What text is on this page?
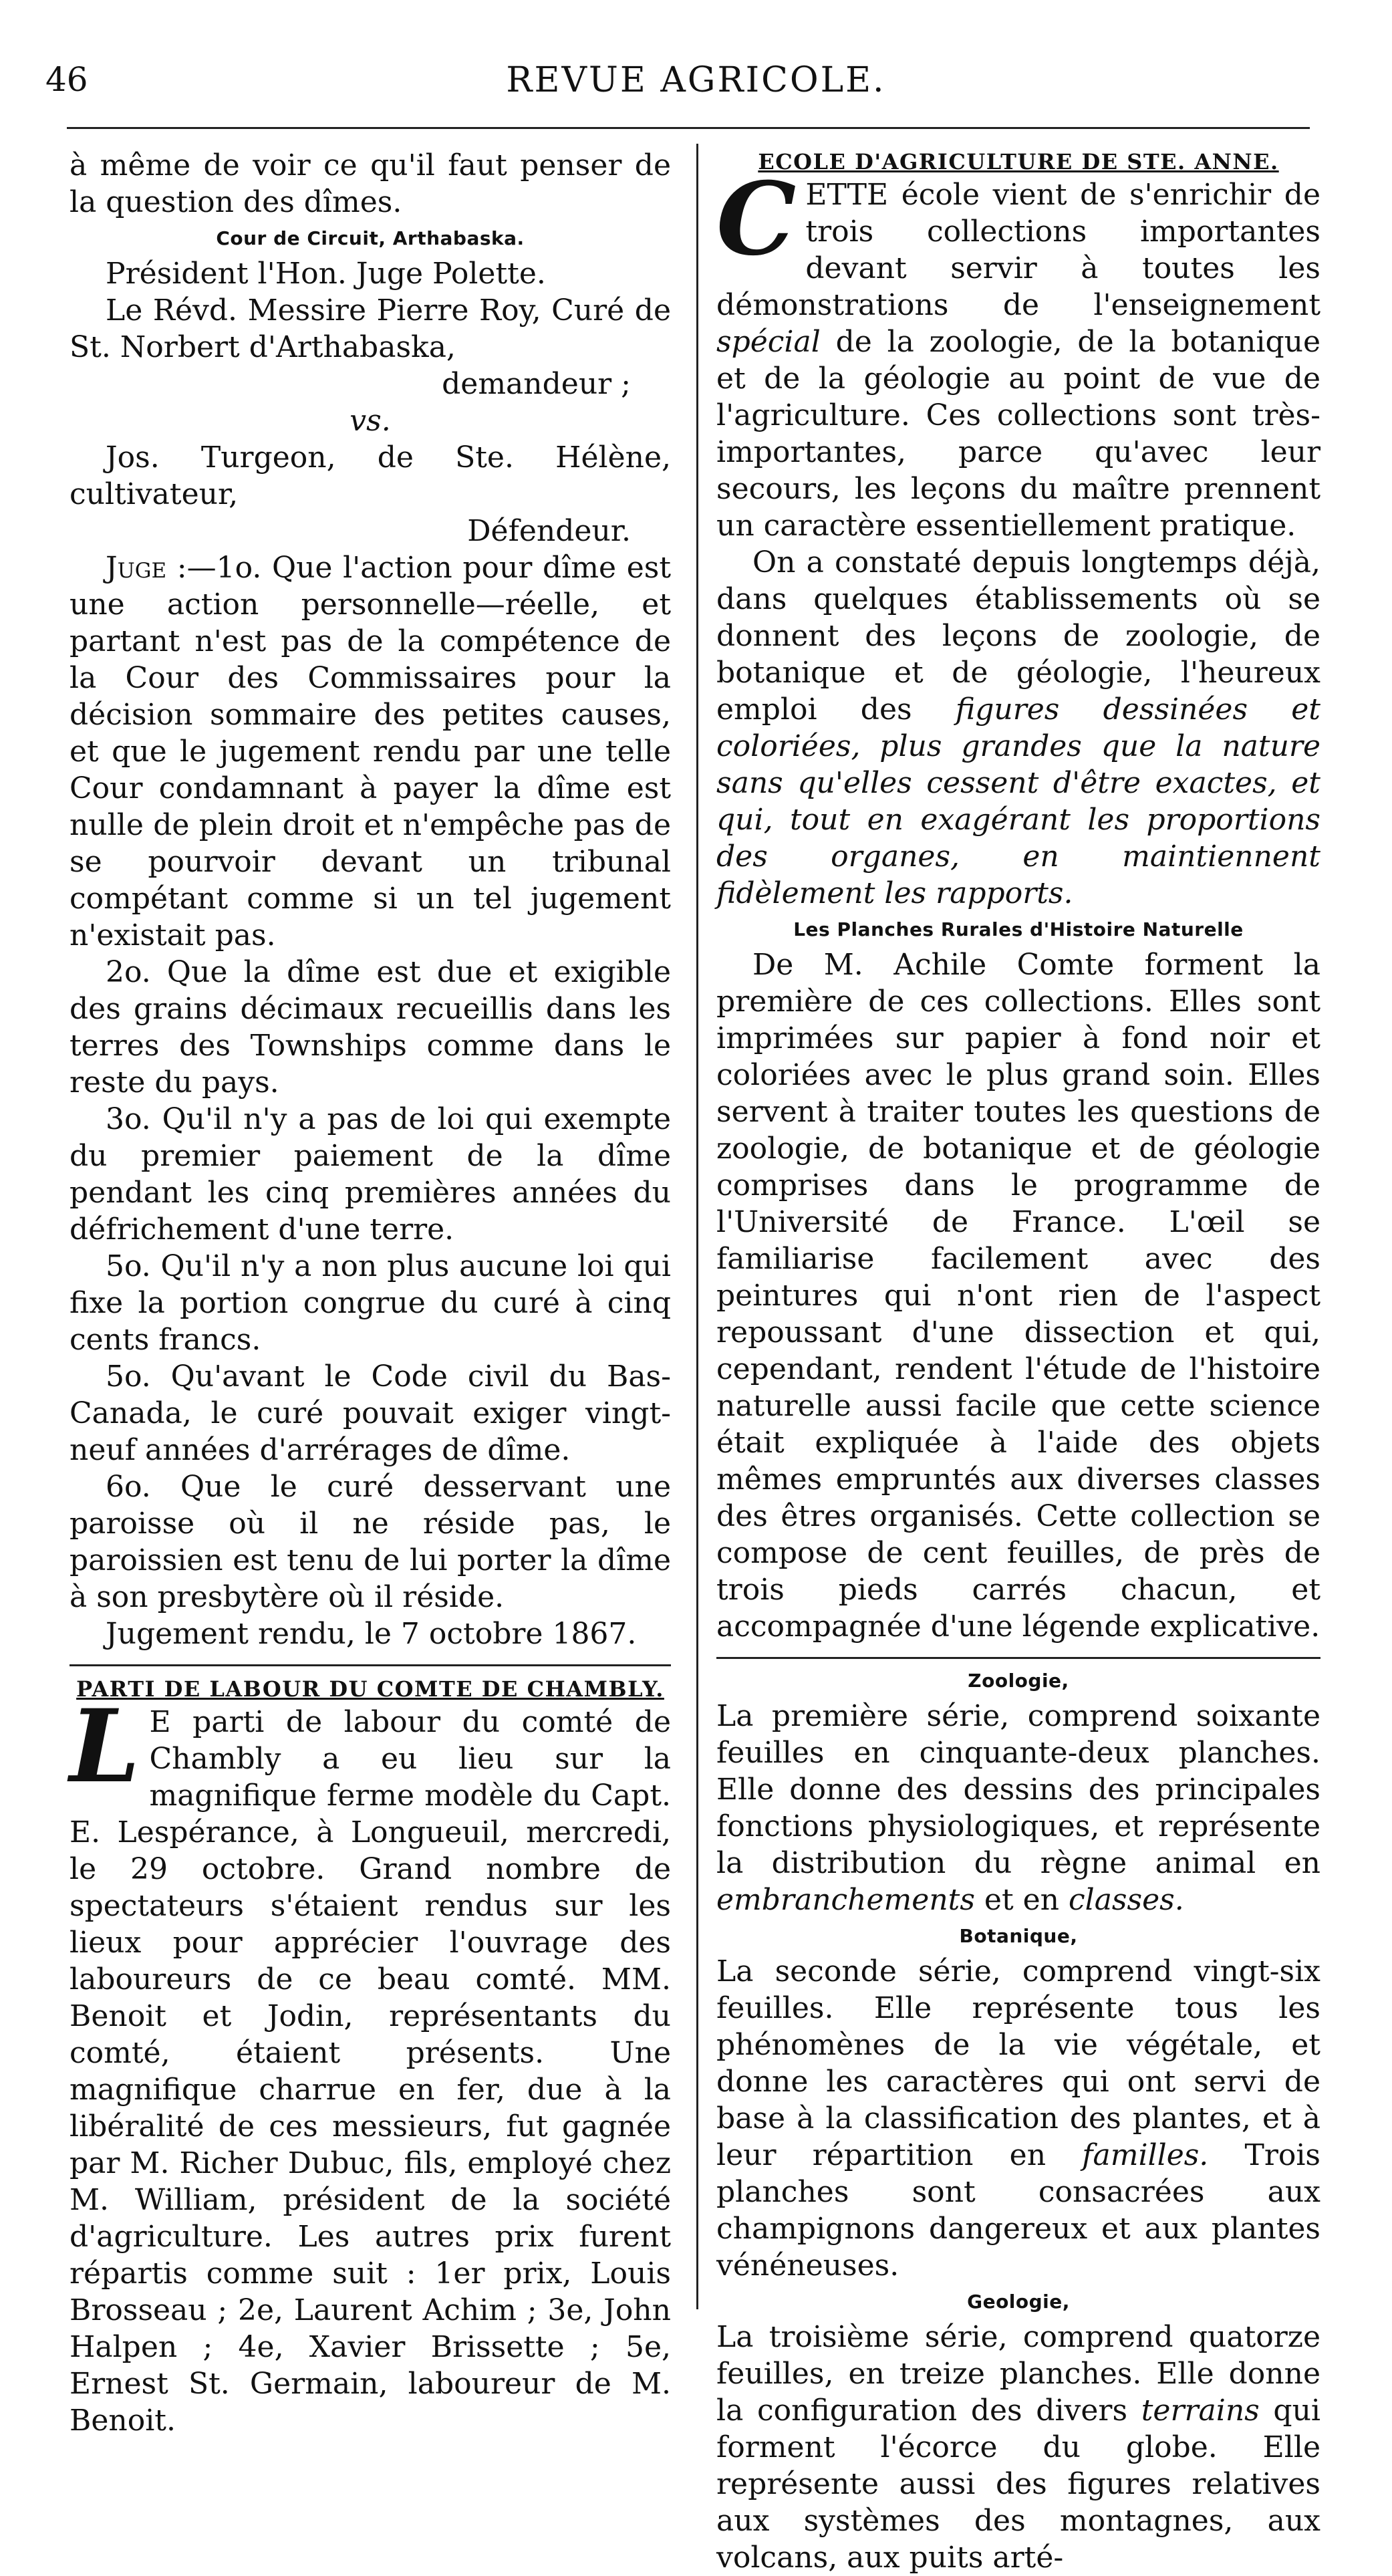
46	REVUE AGRICOLE.

à même de voir ce qu'il faut penser de la question des dîmes.

Cour de Circuit, Arthabaska.

Président l'Hon. Juge Polette.

Le Révd. Messire Pierre Roy, Curé de St. Norbert d'Arthabaska,

demandeur ;

vs.

Jos. Turgeon, de Ste. Hélène, cultivateur,

Défendeur.

Juge :—1o. Que l'action pour dîme est une action personnelle—réelle, et partant n'est pas de la compétence de la Cour des Commissaires pour la décision sommaire des petites causes, et que le jugement rendu par une telle Cour condamnant à payer la dîme est nulle de plein droit et n'empêche pas de se pourvoir devant un tribunal compétant comme si un tel jugement n'existait pas.

2o. Que la dîme est due et exigible des grains décimaux recueillis dans les terres des Townships comme dans le reste du pays.

3o. Qu'il n'y a pas de loi qui exempte du premier paiement de la dîme pendant les cinq premières années du défrichement d'une terre.

5o. Qu'il n'y a non plus aucune loi qui fixe la portion congrue du curé à cinq cents francs.

5o. Qu'avant le Code civil du Bas-Canada, le curé pouvait exiger vingt-neuf années d'arrérages de dîme.

6o. Que le curé desservant une paroisse où il ne réside pas, le paroissien est tenu de lui porter la dîme à son presbytère où il réside.

Jugement rendu, le 7 octobre 1867.

PARTI DE LABOUR DU COMTE DE CHAMBLY.

L E parti de labour du comté de Chambly a eu lieu sur la magnifique ferme modèle du Capt. E. Lespérance, à Longueuil, mercredi, le 29 octobre. Grand nombre de spectateurs s'étaient rendus sur les lieux pour apprécier l'ouvrage des laboureurs de ce beau comté. MM. Benoit et Jodin, représentants du comté, étaient présents. Une magnifique charrue en fer, due à la libéralité de ces messieurs, fut gagnée par M. Richer Dubuc, fils, employé chez M. William, président de la société d'agriculture. Les autres prix furent répartis comme suit : 1er prix, Louis Brosseau ; 2e, Laurent Achim ; 3e, John Halpen ; 4e, Xavier Brissette ; 5e, Ernest St. Germain, laboureur de M. Benoit.

ECOLE D'AGRICULTURE DE STE. ANNE.

CETTE école vient de s'enrichir de trois collections importantes devant servir à toutes les démonstrations de l'enseignement spécial de la zoologie, de la botanique et de la géologie au point de vue de l'agriculture. Ces collections sont très-importantes, parce qu'avec leur secours, les leçons du maître prennent un caractère essentiellement pratique.

On a constaté depuis longtemps déjà, dans quelques établissements où se donnent des leçons de zoologie, de botanique et de géologie, l'heureux emploi des figures dessinées et coloriées, plus grandes que la nature sans qu'elles cessent d'être exactes, et qui, tout en exagérant les proportions des organes, en maintiennent fidèlement les rapports.

Les Planches Rurales d'Histoire Naturelle

De M. Achile Comte forment la première de ces collections. Elles sont imprimées sur papier à fond noir et coloriées avec le plus grand soin. Elles servent à traiter toutes les questions de zoologie, de botanique et de géologie comprises dans le programme de l'Université de France. L'œil se familiarise facilement avec des peintures qui n'ont rien de l'aspect repoussant d'une dissection et qui, cependant, rendent l'étude de l'histoire naturelle aussi facile que cette science était expliquée à l'aide des objets mêmes empruntés aux diverses classes des êtres organisés. Cette collection se compose de cent feuilles, de près de trois pieds carrés chacun, et accompagnée d'une légende explicative.

Zoologie,

La première série, comprend soixante feuilles en cinquante-deux planches. Elle donne des dessins des principales fonctions physiologiques, et représente la distribution du règne animal en embranchements et en classes.

Botanique,

La seconde série, comprend vingt-six feuilles. Elle représente tous les phénomènes de la vie végétale, et donne les caractères qui ont servi de base à la classification des plantes, et à leur répartition en familles. Trois planches sont consacrées aux champignons dangereux et aux plantes vénéneuses.

Geologie,

La troisième série, comprend quatorze feuilles, en treize planches. Elle donne la configuration des divers terrains qui forment l'écorce du globe. Elle représente aussi des figures relatives aux systèmes des montagnes, aux volcans, aux puits arté-
